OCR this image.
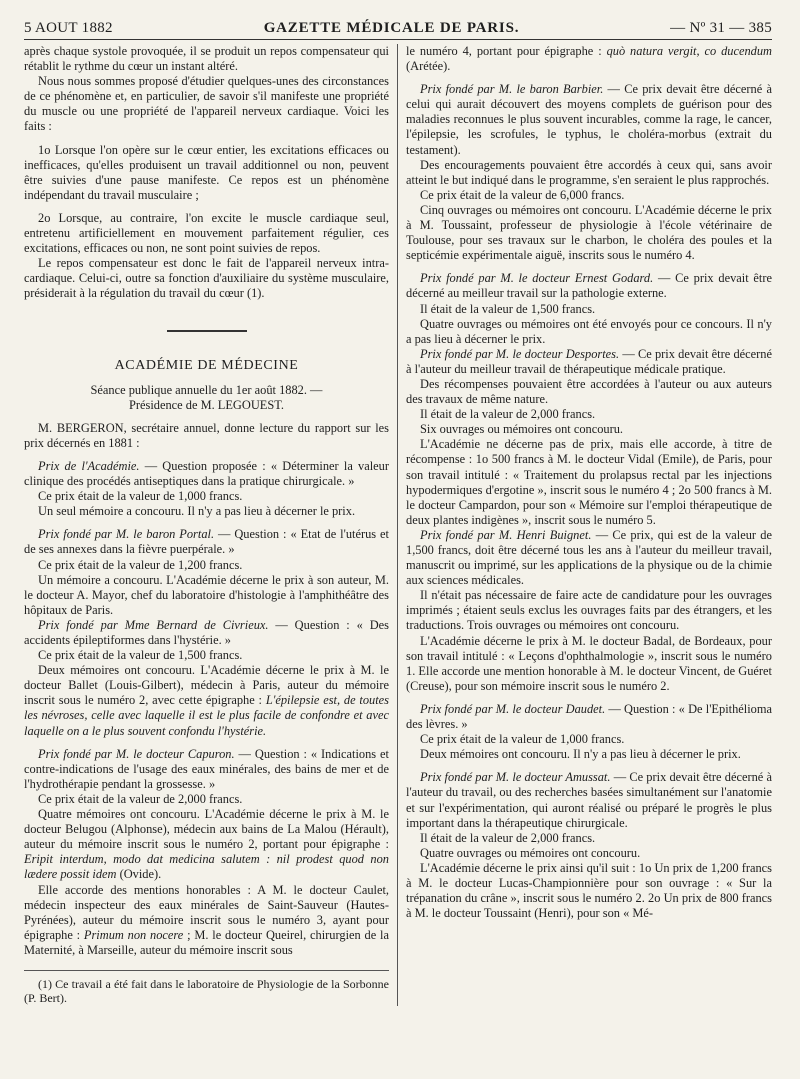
5 AOUT 1882	GAZETTE MÉDICALE DE PARIS.	— Nº 31 — 385

après chaque systole provoquée, il se produit un repos compensateur qui rétablit le rythme du cœur un instant altéré.

Nous nous sommes proposé d'étudier quelques-unes des circonstances de ce phénomène et, en particulier, de savoir s'il manifeste une propriété du muscle ou une propriété de l'appareil nerveux cardiaque. Voici les faits :

1o Lorsque l'on opère sur le cœur entier, les excitations efficaces ou inefficaces, qu'elles produisent un travail additionnel ou non, peuvent être suivies d'une pause manifeste. Ce repos est un phénomène indépendant du travail musculaire ;

2o Lorsque, au contraire, l'on excite le muscle cardiaque seul, entretenu artificiellement en mouvement parfaitement régulier, ces excitations, efficaces ou non, ne sont point suivies de repos.

Le repos compensateur est donc le fait de l'appareil nerveux intra-cardiaque. Celui-ci, outre sa fonction d'auxiliaire du système musculaire, présiderait à la régulation du travail du cœur (1).

ACADÉMIE DE MÉDECINE

Séance publique annuelle du 1er août 1882. —

Présidence de M. LEGOUEST.

M. BERGERON, secrétaire annuel, donne lecture du rapport sur les prix décernés en 1881 :

Prix de l'Académie. — Question proposée : « Déterminer la valeur clinique des procédés antiseptiques dans la pratique chirurgicale. »

Ce prix était de la valeur de 1,000 francs.

Un seul mémoire a concouru. Il n'y a pas lieu à décerner le prix.

Prix fondé par M. le baron Portal. — Question : « Etat de l'utérus et de ses annexes dans la fièvre puerpérale. »

Ce prix était de la valeur de 1,200 francs.

Un mémoire a concouru. L'Académie décerne le prix à son auteur, M. le docteur A. Mayor, chef du laboratoire d'histologie à l'amphithéâtre des hôpitaux de Paris.

Prix fondé par Mme Bernard de Civrieux. — Question : « Des accidents épileptiformes dans l'hystérie. »

Ce prix était de la valeur de 1,500 francs.

Deux mémoires ont concouru. L'Académie décerne le prix à M. le docteur Ballet (Louis-Gilbert), médecin à Paris, auteur du mémoire inscrit sous le numéro 2, avec cette épigraphe : L'épilepsie est, de toutes les névroses, celle avec laquelle il est le plus facile de confondre et avec laquelle on a le plus souvent confondu l'hystérie.

Prix fondé par M. le docteur Capuron. — Question : « Indications et contre-indications de l'usage des eaux minérales, des bains de mer et de l'hydrothérapie pendant la grossesse. »

Ce prix était de la valeur de 2,000 francs.

Quatre mémoires ont concouru. L'Académie décerne le prix à M. le docteur Belugou (Alphonse), médecin aux bains de La Malou (Hérault), auteur du mémoire inscrit sous le numéro 2, portant pour épigraphe : Eripit interdum, modo dat medicina salutem : nil prodest quod non lædere possit idem (Ovide).

Elle accorde des mentions honorables : A M. le docteur Caulet, médecin inspecteur des eaux minérales de Saint-Sauveur (Hautes-Pyrénées), auteur du mémoire inscrit sous le numéro 3, ayant pour épigraphe : Primum non nocere ; M. le docteur Queirel, chirurgien de la Maternité, à Marseille, auteur du mémoire inscrit sous

(1) Ce travail a été fait dans le laboratoire de Physiologie de la Sorbonne (P. Bert).

le numéro 4, portant pour épigraphe : quò natura vergit, co ducendum (Arétée).

Prix fondé par M. le baron Barbier. — Ce prix devait être décerné à celui qui aurait découvert des moyens complets de guérison pour des maladies reconnues le plus souvent incurables, comme la rage, le cancer, l'épilepsie, les scrofules, le typhus, le choléra-morbus (extrait du testament).

Des encouragements pouvaient être accordés à ceux qui, sans avoir atteint le but indiqué dans le programme, s'en seraient le plus rapprochés.

Ce prix était de la valeur de 6,000 francs.

Cinq ouvrages ou mémoires ont concouru. L'Académie décerne le prix à M. Toussaint, professeur de physiologie à l'école vétérinaire de Toulouse, pour ses travaux sur le charbon, le choléra des poules et la septicémie expérimentale aiguë, inscrits sous le numéro 4.

Prix fondé par M. le docteur Ernest Godard. — Ce prix devait être décerné au meilleur travail sur la pathologie externe.

Il était de la valeur de 1,500 francs.

Quatre ouvrages ou mémoires ont été envoyés pour ce concours. Il n'y a pas lieu à décerner le prix.

Prix fondé par M. le docteur Desportes. — Ce prix devait être décerné à l'auteur du meilleur travail de thérapeutique médicale pratique.

Des récompenses pouvaient être accordées à l'auteur ou aux auteurs des travaux de même nature.

Il était de la valeur de 2,000 francs.

Six ouvrages ou mémoires ont concouru.

L'Académie ne décerne pas de prix, mais elle accorde, à titre de récompense : 1o 500 francs à M. le docteur Vidal (Emile), de Paris, pour son travail intitulé : « Traitement du prolapsus rectal par les injections hypodermiques d'ergotine », inscrit sous le numéro 4 ; 2o 500 francs à M. le docteur Campardon, pour son « Mémoire sur l'emploi thérapeutique de deux plantes indigènes », inscrit sous le numéro 5.

Prix fondé par M. Henri Buignet. — Ce prix, qui est de la valeur de 1,500 francs, doit être décerné tous les ans à l'auteur du meilleur travail, manuscrit ou imprimé, sur les applications de la physique ou de la chimie aux sciences médicales.

Il n'était pas nécessaire de faire acte de candidature pour les ouvrages imprimés ; étaient seuls exclus les ouvrages faits par des étrangers, et les traductions. Trois ouvrages ou mémoires ont concouru.

L'Académie décerne le prix à M. le docteur Badal, de Bordeaux, pour son travail intitulé : « Leçons d'ophthalmologie », inscrit sous le numéro 1. Elle accorde une mention honorable à M. le docteur Vincent, de Guéret (Creuse), pour son mémoire inscrit sous le numéro 2.

Prix fondé par M. le docteur Daudet. — Question : « De l'Epithélioma des lèvres. »

Ce prix était de la valeur de 1,000 francs.

Deux mémoires ont concouru. Il n'y a pas lieu à décerner le prix.

Prix fondé par M. le docteur Amussat. — Ce prix devait être décerné à l'auteur du travail, ou des recherches basées simultanément sur l'anatomie et sur l'expérimentation, qui auront réalisé ou préparé le progrès le plus important dans la thérapeutique chirurgicale.

Il était de la valeur de 2,000 francs.

Quatre ouvrages ou mémoires ont concouru.

L'Académie décerne le prix ainsi qu'il suit : 1o Un prix de 1,200 francs à M. le docteur Lucas-Championnière pour son ouvrage : « Sur la trépanation du crâne », inscrit sous le numéro 2. 2o Un prix de 800 francs à M. le docteur Toussaint (Henri), pour son « Mé-
